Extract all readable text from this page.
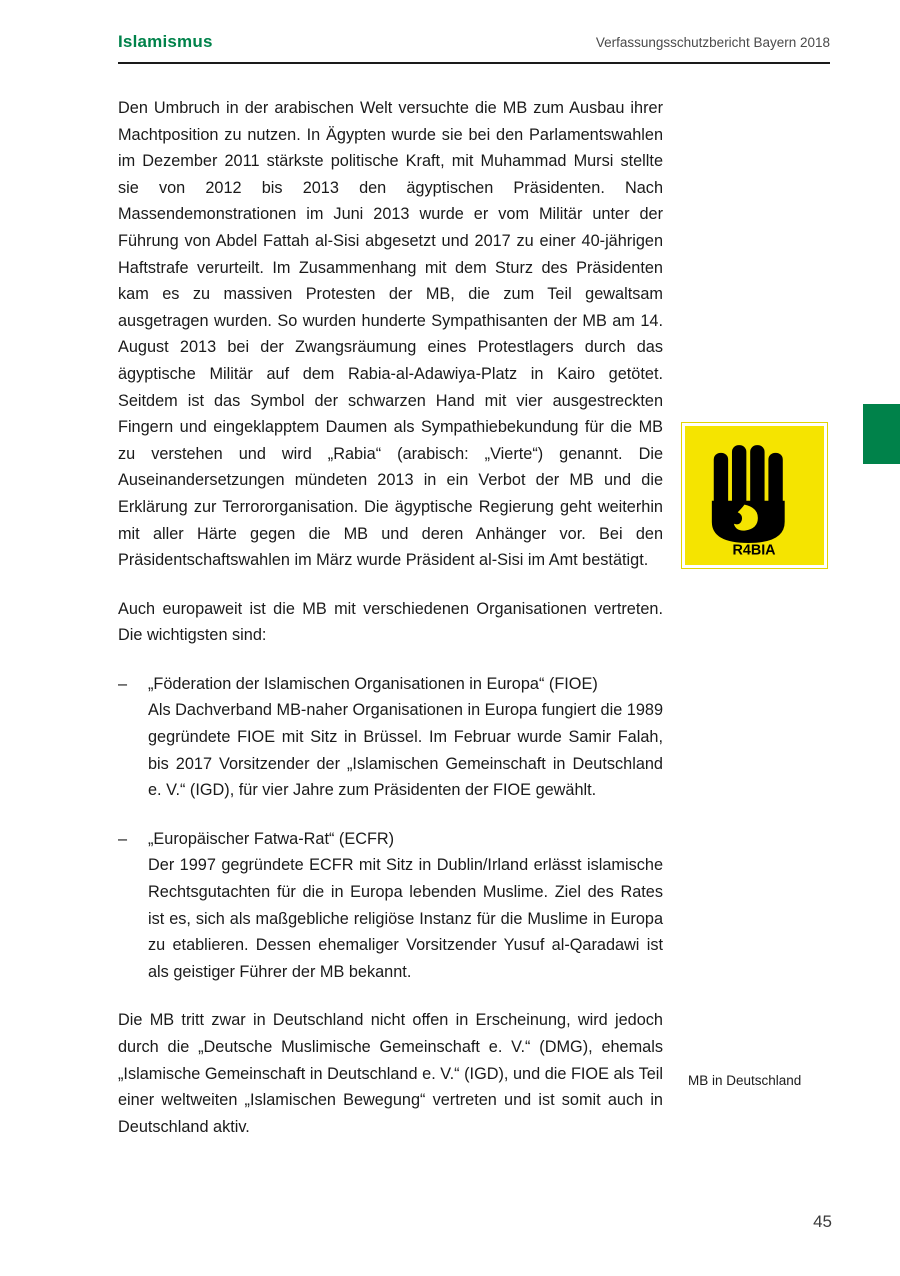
Islamismus	Verfassungsschutzbericht Bayern 2018

Den Umbruch in der arabischen Welt versuchte die MB zum Ausbau ihrer Machtposition zu nutzen. In Ägypten wurde sie bei den Parlamentswahlen im Dezember 2011 stärkste politische Kraft, mit Muhammad Mursi stellte sie von 2012 bis 2013 den ägyptischen Präsidenten. Nach Massendemonstrationen im Juni 2013 wurde er vom Militär unter der Führung von Abdel Fattah al-Sisi abgesetzt und 2017 zu einer 40-jährigen Haftstrafe verurteilt. Im Zusammenhang mit dem Sturz des Präsidenten kam es zu massiven Protesten der MB, die zum Teil gewaltsam ausgetragen wurden. So wurden hunderte Sympathisanten der MB am 14. August 2013 bei der Zwangsräumung eines Protestlagers durch das ägyptische Militär auf dem Rabia-al-Adawiya-Platz in Kairo getötet. Seitdem ist das Symbol der schwarzen Hand mit vier ausgestreckten Fingern und eingeklapptem Daumen als Sympathiebekundung für die MB zu verstehen und wird „Rabia“ (arabisch: „Vierte“) genannt. Die Auseinandersetzungen mündeten 2013 in ein Verbot der MB und die Erklärung zur Terrororganisation. Die ägyptische Regierung geht weiterhin mit aller Härte gegen die MB und deren Anhänger vor. Bei den Präsidentschaftswahlen im März wurde Präsident al-Sisi im Amt bestätigt.

Auch europaweit ist die MB mit verschiedenen Organisationen vertreten. Die wichtigsten sind:

– „Föderation der Islamischen Organisationen in Europa“ (FIOE)
Als Dachverband MB-naher Organisationen in Europa fungiert die 1989 gegründete FIOE mit Sitz in Brüssel. Im Februar wurde Samir Falah, bis 2017 Vorsitzender der „Islamischen Gemeinschaft in Deutschland e. V.“ (IGD), für vier Jahre zum Präsidenten der FIOE gewählt.
– „Europäischer Fatwa-Rat“ (ECFR)
Der 1997 gegründete ECFR mit Sitz in Dublin/Irland erlässt islamische Rechtsgutachten für die in Europa lebenden Muslime. Ziel des Rates ist es, sich als maßgebliche religiöse Instanz für die Muslime in Europa zu etablieren. Dessen ehemaliger Vorsitzender Yusuf al-Qaradawi ist als geistiger Führer der MB bekannt.

Die MB tritt zwar in Deutschland nicht offen in Erscheinung, wird jedoch durch die „Deutsche Muslimische Gemeinschaft e. V.“ (DMG), ehemals „Islamische Gemeinschaft in Deutschland e. V.“ (IGD), und die FIOE als Teil einer weltweiten „Islamischen Bewegung“ vertreten und ist somit auch in Deutschland aktiv.

R4BIA
MB in Deutschland
45
